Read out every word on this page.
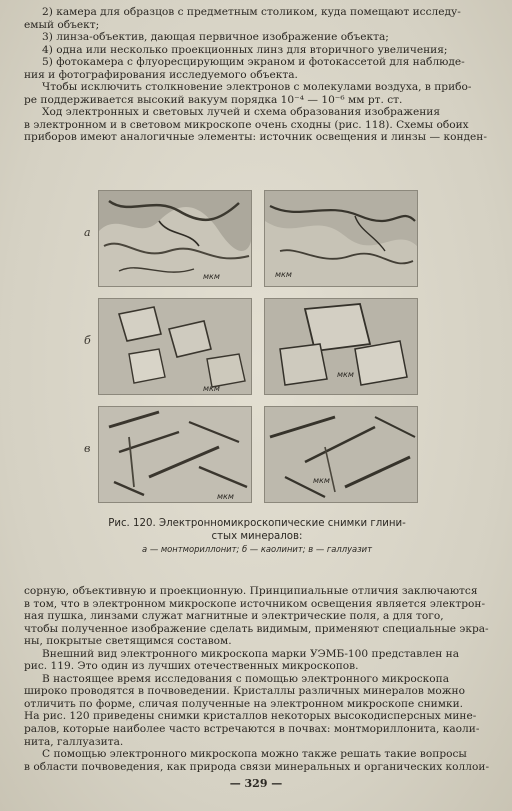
2) камера для образцов с предметным столиком, куда помещают исследу-
емый объект;
3) линза-объектив, дающая первичное изображение объекта;
4) одна или несколько проекционных линз для вторичного увеличения;
5) фотокамера с флуоресцирующим экраном и фотокассетой для наблюде-
ния и фотографирования исследуемого объекта.
Чтобы исключить столкновение электронов с молекулами воздуха, в прибо-
ре поддерживается высокий вакуум порядка 10⁻⁴ — 10⁻⁶ мм рт. ст.
Ход электронных и световых лучей и схема образования изображения
в электронном и в световом микроскопе очень сходны (рис. 118). Схемы обоих
приборов имеют аналогичные элементы: источник освещения и линзы — конден-
а
б
в
мкм	мкм
мкм
мкм
мкм
мкм
Рис. 120. Электронномикроскопические снимки глини-
стых минералов:
а — монтмориллонит; б — каолинит; в — галлуазит
сорную, объективную и проекционную. Принципиальные отличия заключаются
в том, что в электронном микроскопе источником освещения является электрон-
ная пушка, линзами служат магнитные и электрические поля, а для того,
чтобы полученное изображение сделать видимым, применяют специальные экра-
ны, покрытые светящимся составом.
Внешний вид электронного микроскопа марки УЭМБ-100 представлен на
рис. 119. Это один из лучших отечественных микроскопов.
В настоящее время исследования с помощью электронного микроскопа
широко проводятся в почвоведении. Кристаллы различных минералов можно
отличить по форме, сличая полученные на электронном микроскопе снимки.
На рис. 120 приведены снимки кристаллов некоторых высокодисперсных мине-
ралов, которые наиболее часто встречаются в почвах: монтмориллонита, каоли-
нита, галлуазита.
С помощью электронного микроскопа можно также решать такие вопросы
в области почвоведения, как природа связи минеральных и органических коллои-
— 329 —
